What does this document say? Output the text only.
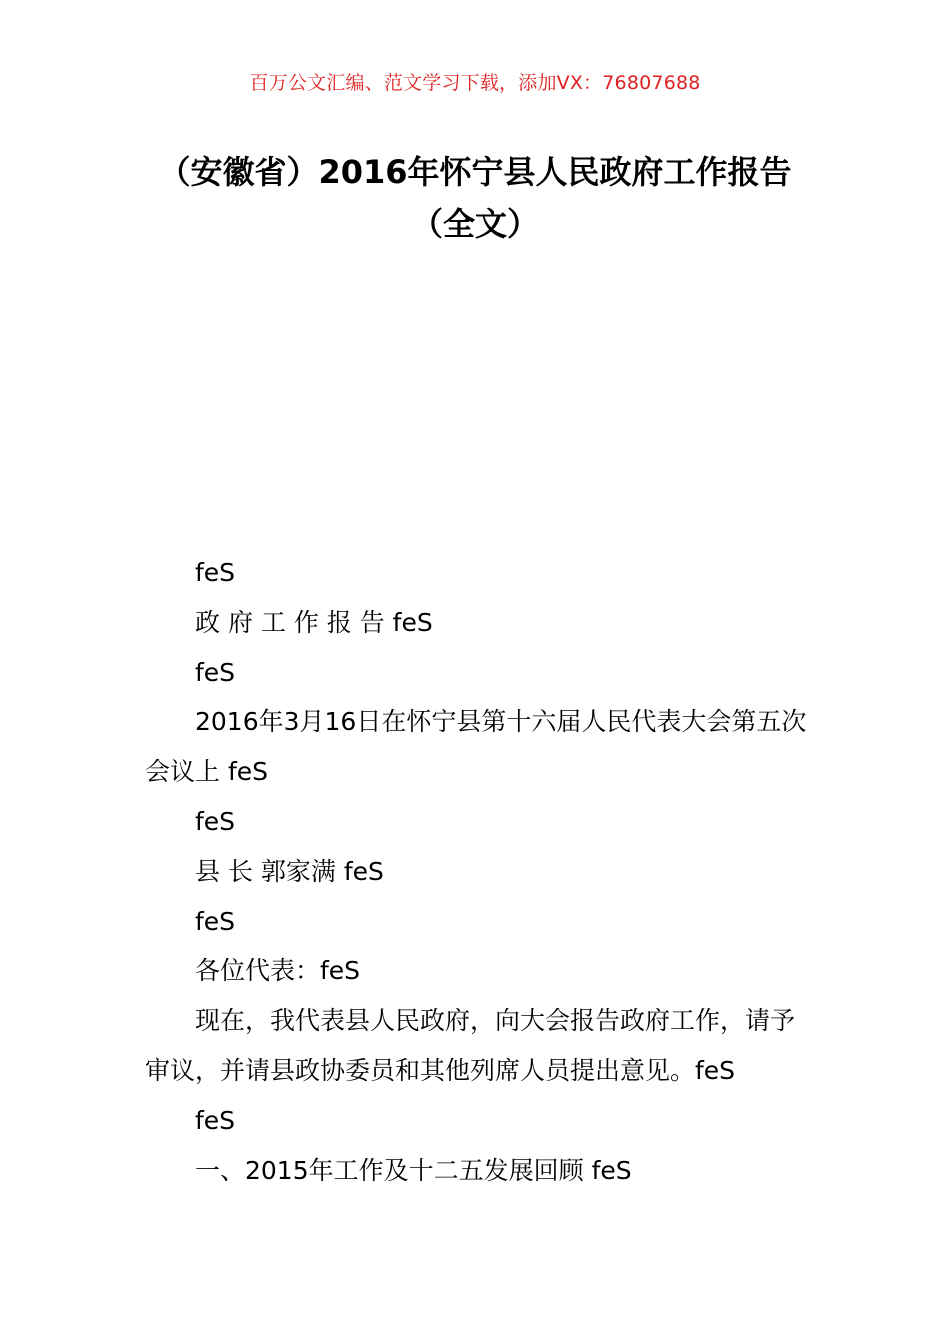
百万公文汇编、范文学习下载，添加VX：76807688
（安徽省）2016年怀宁县人民政府工作报告（全文）

feS

政 府 工 作 报 告 feS

feS

2016年3月16日在怀宁县第十六届人民代表大会第五次会议上 feS

feS

县 长 郭家满 feS

feS

各位代表：feS

现在，我代表县人民政府，向大会报告政府工作，请予审议，并请县政协委员和其他列席人员提出意见。feS

feS

一、2015年工作及十二五发展回顾 feS
